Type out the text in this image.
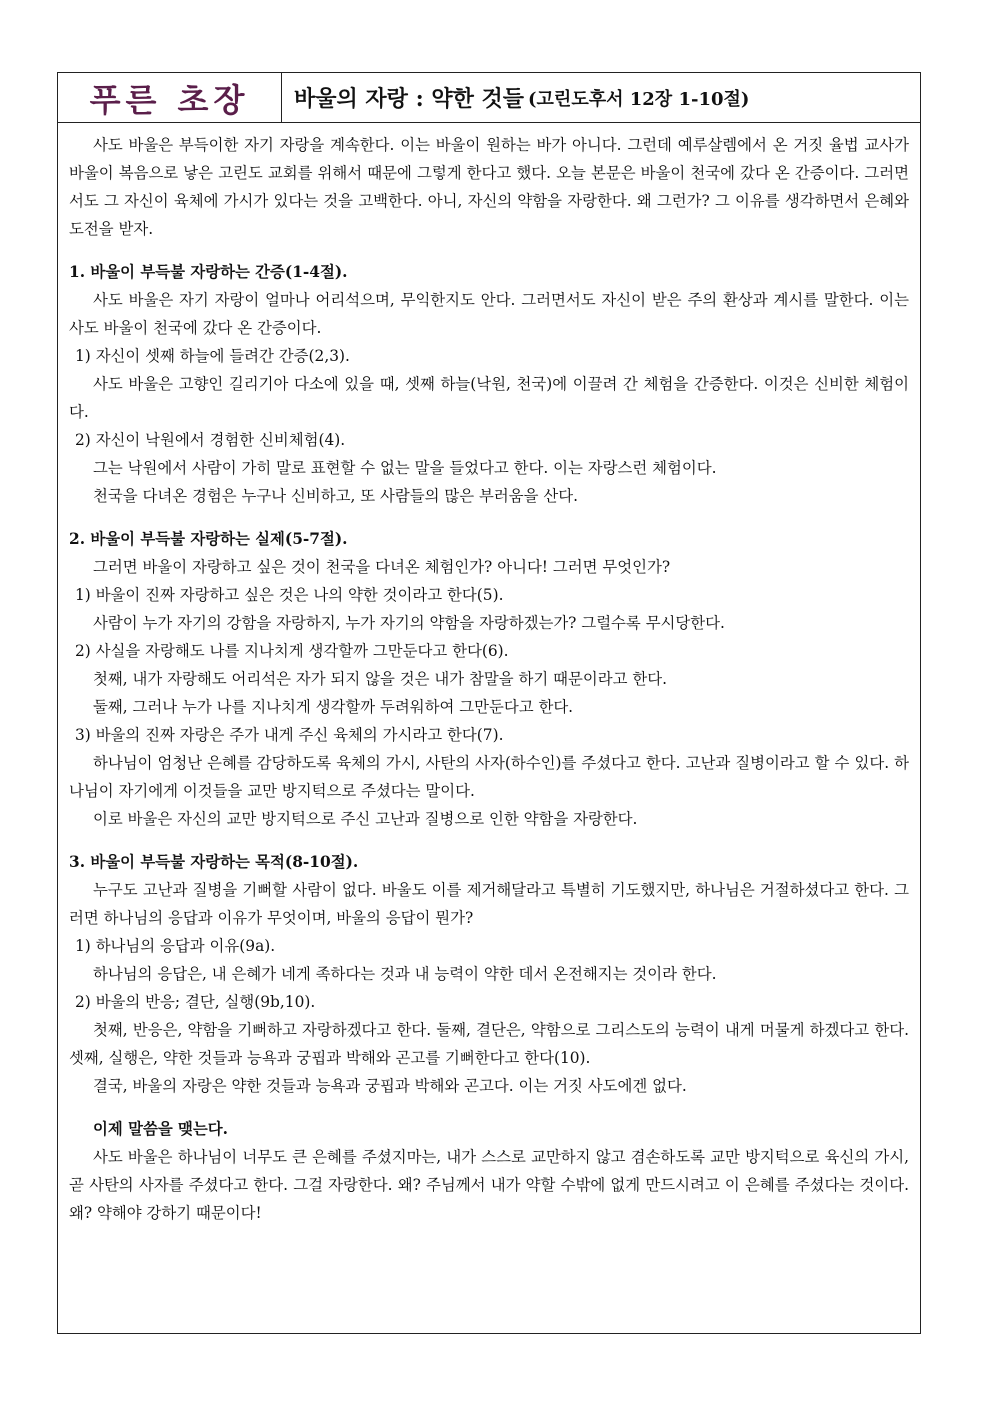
푸른 초장 바울의 자랑 : 약한 것들 (고린도후서 12장 1-10절)

사도 바울은 부득이한 자기 자랑을 계속한다. 이는 바울이 원하는 바가 아니다. 그런데 예루살렘에서 온 거짓 율법 교사가 바울이 복음으로 낳은 고린도 교회를 위해서 때문에 그렇게 한다고 했다. 오늘 본문은 바울이 천국에 갔다 온 간증이다. 그러면서도 그 자신이 육체에 가시가 있다는 것을 고백한다. 아니, 자신의 약함을 자랑한다. 왜 그런가? 그 이유를 생각하면서 은혜와 도전을 받자.

1. 바울이 부득불 자랑하는 간증(1-4절).

사도 바울은 자기 자랑이 얼마나 어리석으며, 무익한지도 안다. 그러면서도 자신이 받은 주의 환상과 계시를 말한다. 이는 사도 바울이 천국에 갔다 온 간증이다.

1) 자신이 셋째 하늘에 들려간 간증(2,3).

사도 바울은 고향인 길리기아 다소에 있을 때, 셋째 하늘(낙원, 천국)에 이끌려 간 체험을 간증한다. 이것은 신비한 체험이다.

2) 자신이 낙원에서 경험한 신비체험(4).

그는 낙원에서 사람이 가히 말로 표현할 수 없는 말을 들었다고 한다. 이는 자랑스런 체험이다.

천국을 다녀온 경험은 누구나 신비하고, 또 사람들의 많은 부러움을 산다.

2. 바울이 부득불 자랑하는 실제(5-7절).

그러면 바울이 자랑하고 싶은 것이 천국을 다녀온 체험인가? 아니다! 그러면 무엇인가?

1) 바울이 진짜 자랑하고 싶은 것은 나의 약한 것이라고 한다(5).

사람이 누가 자기의 강함을 자랑하지, 누가 자기의 약함을 자랑하겠는가? 그럴수록 무시당한다.

2) 사실을 자랑해도 나를 지나치게 생각할까 그만둔다고 한다(6).

첫째, 내가 자랑해도 어리석은 자가 되지 않을 것은 내가 참말을 하기 때문이라고 한다.

둘째, 그러나 누가 나를 지나치게 생각할까 두려워하여 그만둔다고 한다.

3) 바울의 진짜 자랑은 주가 내게 주신 육체의 가시라고 한다(7).

하나님이 엄청난 은혜를 감당하도록 육체의 가시, 사탄의 사자(하수인)를 주셨다고 한다. 고난과 질병이라고 할 수 있다. 하나님이 자기에게 이것들을 교만 방지턱으로 주셨다는 말이다.

이로 바울은 자신의 교만 방지턱으로 주신 고난과 질병으로 인한 약함을 자랑한다.

3. 바울이 부득불 자랑하는 목적(8-10절).

누구도 고난과 질병을 기뻐할 사람이 없다. 바울도 이를 제거해달라고 특별히 기도했지만, 하나님은 거절하셨다고 한다. 그러면 하나님의 응답과 이유가 무엇이며, 바울의 응답이 뭔가?

1) 하나님의 응답과 이유(9a).

하나님의 응답은, 내 은혜가 네게 족하다는 것과 내 능력이 약한 데서 온전해지는 것이라 한다.

2) 바울의 반응; 결단, 실행(9b,10).

첫째, 반응은, 약함을 기뻐하고 자랑하겠다고 한다. 둘째, 결단은, 약함으로 그리스도의 능력이 내게 머물게 하겠다고 한다. 셋째, 실행은, 약한 것들과 능욕과 궁핍과 박해와 곤고를 기뻐한다고 한다(10).

결국, 바울의 자랑은 약한 것들과 능욕과 궁핍과 박해와 곤고다. 이는 거짓 사도에겐 없다.

이제 말씀을 맺는다.

사도 바울은 하나님이 너무도 큰 은혜를 주셨지마는, 내가 스스로 교만하지 않고 겸손하도록 교만 방지턱으로 육신의 가시, 곧 사탄의 사자를 주셨다고 한다. 그걸 자랑한다. 왜? 주님께서 내가 약할 수밖에 없게 만드시려고 이 은혜를 주셨다는 것이다. 왜? 약해야 강하기 때문이다!
